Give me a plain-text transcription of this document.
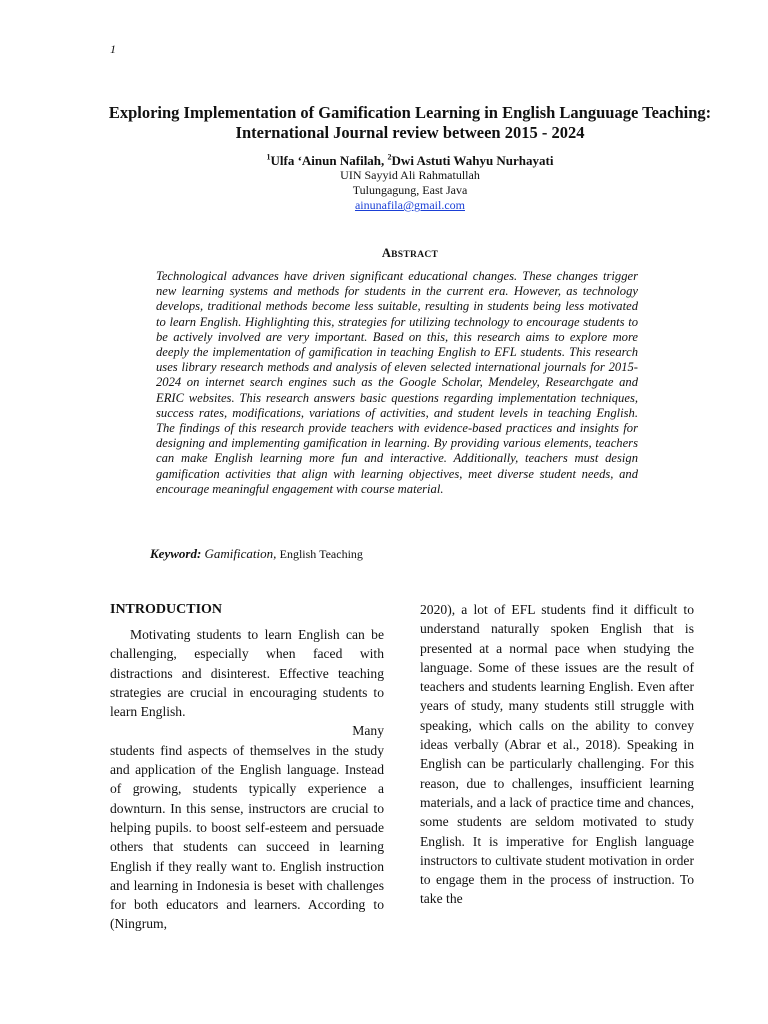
1
Exploring Implementation of Gamification Learning in English Languuage Teaching: International Journal review between 2015 - 2024
$^1$Ulfa ‘Ainun Nafilah, $^2$Dwi Astuti Wahyu Nurhayati
UIN Sayyid Ali Rahmatullah
Tulungagung, East Java
ainunafila@gmail.com
ABSTRACT

Technological advances have driven significant educational changes. These changes trigger new learning systems and methods for students in the current era. However, as technology develops, traditional methods become less suitable, resulting in students being less motivated to learn English. Highlighting this, strategies for utilizing technology to encourage students to be actively involved are very important. Based on this, this research aims to explore more deeply the implementation of gamification in teaching English to EFL students. This research uses library research methods and analysis of eleven selected international journals for 2015-2024 on internet search engines such as the Google Scholar, Mendeley, Researchgate and ERIC websites. This research answers basic questions regarding implementation techniques, success rates, modifications, variations of activities, and student levels in teaching English. The findings of this research provide teachers with evidence-based practices and insights for designing and implementing gamification in learning. By providing various elements, teachers can make English learning more fun and interactive. Additionally, teachers must design gamification activities that align with learning objectives, meet diverse student needs, and encourage meaningful engagement with course material.

Keyword: Gamification, English Teaching
INTRODUCTION

Motivating students to learn English can be challenging, especially when faced with distractions and disinterest. Effective teaching strategies are crucial in encouraging students to learn English.

Many

students find aspects of themselves in the study and application of the English language. Instead of growing, students typically experience a downturn. In this sense, instructors are crucial to helping pupils. to boost self-esteem and persuade others that students can succeed in learning English if they really want to. English instruction and learning in Indonesia is beset with challenges for both educators and learners. According to (Ningrum,

2020), a lot of EFL students find it difficult to understand naturally spoken English that is presented at a normal pace when studying the language. Some of these issues are the result of teachers and students learning English. Even after years of study, many students still struggle with speaking, which calls on the ability to convey ideas verbally (Abrar et al., 2018). Speaking in English can be particularly challenging. For this reason, due to challenges, insufficient learning materials, and a lack of practice time and chances, some students are seldom motivated to study English. It is imperative for English language instructors to cultivate student motivation in order to engage them in the process of instruction. To take the
